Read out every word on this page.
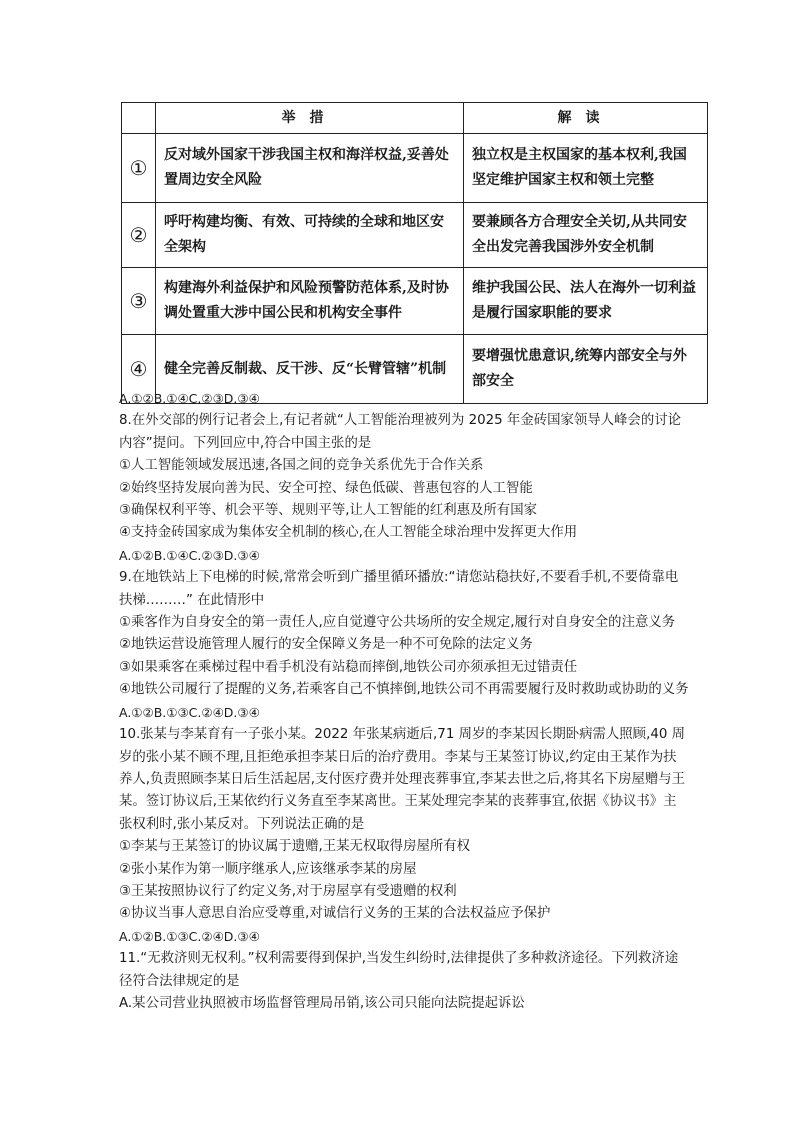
	举措	解读
①	反对域外国家干涉我国主权和海洋权益,妥善处置周边安全风险	独立权是主权国家的基本权利,我国坚定维护国家主权和领土完整
②	呼吁构建均衡、有效、可持续的全球和地区安全架构	要兼顾各方合理安全关切,从共同安全出发完善我国涉外安全机制
③	构建海外利益保护和风险预警防范体系,及时协调处置重大涉中国公民和机构安全事件	维护我国公民、法人在海外一切利益是履行国家职能的要求
④	健全完善反制裁、反干涉、反“长臂管辖”机制	要增强忧患意识,统筹内部安全与外部安全

A.①②B.①④C.②③D.③④

8.在外交部的例行记者会上,有记者就“人工智能治理被列为 2025 年金砖国家领导人峰会的讨论内容”提问。下列回应中,符合中国主张的是

①人工智能领域发展迅速,各国之间的竞争关系优先于合作关系

②始终坚持发展向善为民、安全可控、绿色低碳、普惠包容的人工智能

③确保权利平等、机会平等、规则平等,让人工智能的红利惠及所有国家

④支持金砖国家成为集体安全机制的核心,在人工智能全球治理中发挥更大作用

A.①②B.①④C.②③D.③④

9.在地铁站上下电梯的时候,常常会听到广播里循环播放:“请您站稳扶好,不要看手机,不要倚靠电扶梯………” 在此情形中

①乘客作为自身安全的第一责任人,应自觉遵守公共场所的安全规定,履行对自身安全的注意义务

②地铁运营设施管理人履行的安全保障义务是一种不可免除的法定义务

③如果乘客在乘梯过程中看手机没有站稳而摔倒,地铁公司亦须承担无过错责任

④地铁公司履行了提醒的义务,若乘客自己不慎摔倒,地铁公司不再需要履行及时救助或协助的义务

A.①②B.①③C.②④D.③④

10.张某与李某育有一子张小某。2022 年张某病逝后,71 周岁的李某因长期卧病需人照顾,40 周岁的张小某不顾不理,且拒绝承担李某日后的治疗费用。李某与王某签订协议,约定由王某作为扶养人,负责照顾李某日后生活起居,支付医疗费并处理丧葬事宜,李某去世之后,将其名下房屋赠与王某。签订协议后,王某依约行义务直至李某离世。王某处理完李某的丧葬事宜,依据《协议书》主张权利时,张小某反对。下列说法正确的是

①李某与王某签订的协议属于遗赠,王某无权取得房屋所有权

②张小某作为第一顺序继承人,应该继承李某的房屋

③王某按照协议行了约定义务,对于房屋享有受遗赠的权利

④协议当事人意思自治应受尊重,对诚信行义务的王某的合法权益应予保护

A.①②B.①③C.②④D.③④

11.“无救济则无权利。”权利需要得到保护,当发生纠纷时,法律提供了多种救济途径。下列救济途径符合法律规定的是

A.某公司营业执照被市场监督管理局吊销,该公司只能向法院提起诉讼
